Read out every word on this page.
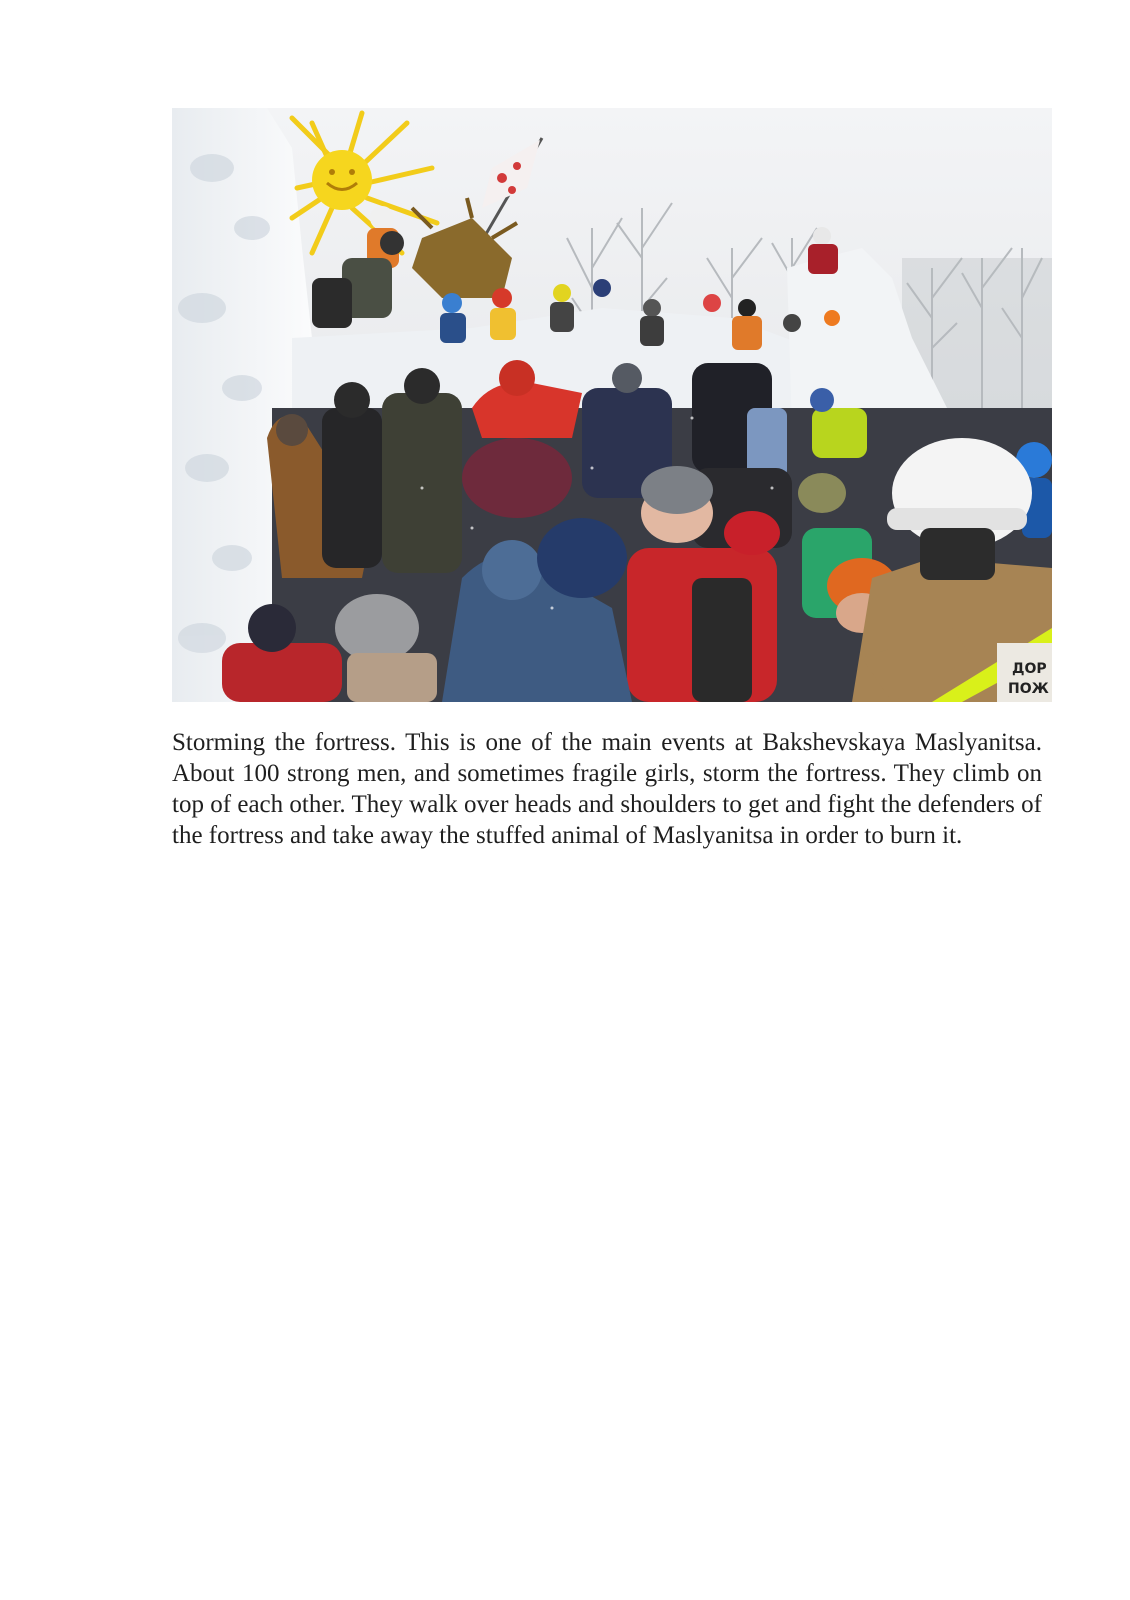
ДОР
ПОЖ

Storming the fortress. This is one of the main events at Bakshevskaya Maslyanitsa. About 100 strong men, and sometimes fragile girls, storm the fortress. They climb on top of each other. They walk over heads and shoulders to get and fight the defenders of the fortress and take away the stuffed animal of Maslyanitsa in order to burn it.
